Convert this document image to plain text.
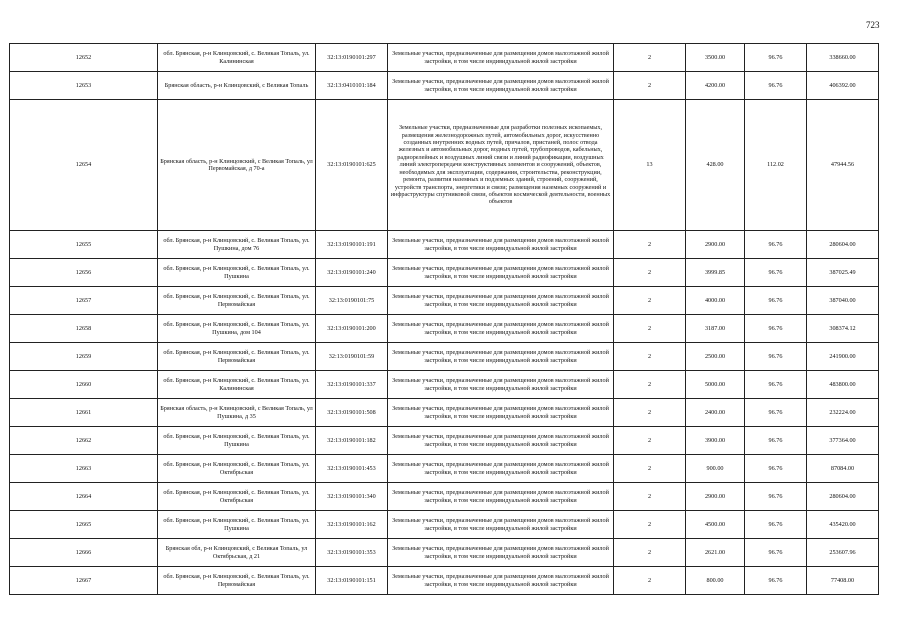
723
12652	обл. Брянская, р-н Клинцовский, с. Великая Топаль, ул. Калининская	32:13:0190101:297	Земельные участки, предназначенные для размещения домов малоэтажной жилой застройки, в том числе индивидуальной жилой застройки	2	3500.00	96.76	338660.00
12653	Брянская область, р-н Клинцовский, с Великая Топаль	32:13:0410101:184	Земельные участки, предназначенные для размещения домов малоэтажной жилой застройки, в том числе индивидуальной жилой застройки	2	4200.00	96.76	406392.00
12654	Брянская область, р-н Клинцовский, с Великая Топаль, ул Первомайская, д 70-а	32:13:0190101:625	Земельные участки, предназначенные для разработки полезных ископаемых, размещения железнодорожных путей, автомобильных дорог, искусственно созданных внутренних водных путей, причалов, пристаней, полос отвода железных и автомобильных дорог, водных путей, трубопроводов, кабельных, радиорелейных и воздушных линий связи и линий радиофикации, воздушных линий электропередачи конструктивных элементов и сооружений, объектов, необходимых для эксплуатации, содержания, строительства, реконструкции, ремонта, развития наземных и подземных зданий, строений, сооружений, устройств транспорта, энергетики и связи; размещения наземных сооружений и инфраструктуры спутниковой связи, объектов космической деятельности, военных объектов	13	428.00	112.02	47944.56
12655	обл. Брянская, р-н Клинцовский, с. Великая Топаль, ул. Пушкина, дом 76	32:13:0190101:191	Земельные участки, предназначенные для размещения домов малоэтажной жилой застройки, в том числе индивидуальной жилой застройки	2	2900.00	96.76	280604.00
12656	обл. Брянская, р-н Клинцовский, с. Великая Топаль, ул. Пушкина	32:13:0190101:240	Земельные участки, предназначенные для размещения домов малоэтажной жилой застройки, в том числе индивидуальной жилой застройки	2	3999.85	96.76	387025.49
12657	обл. Брянская, р-н Клинцовский, с. Великая Топаль, ул. Первомайская	32:13:0190101:75	Земельные участки, предназначенные для размещения домов малоэтажной жилой застройки, в том числе индивидуальной жилой застройки	2	4000.00	96.76	387040.00
12658	обл. Брянская, р-н Клинцовский, с. Великая Топаль, ул. Пушкина, дом 104	32:13:0190101:200	Земельные участки, предназначенные для размещения домов малоэтажной жилой застройки, в том числе индивидуальной жилой застройки	2	3187.00	96.76	308374.12
12659	обл. Брянская, р-н Клинцовский, с. Великая Топаль, ул. Первомайская	32:13:0190101:59	Земельные участки, предназначенные для размещения домов малоэтажной жилой застройки, в том числе индивидуальной жилой застройки	2	2500.00	96.76	241900.00
12660	обл. Брянская, р-н Клинцовский, с. Великая Топаль, ул. Калининская	32:13:0190101:337	Земельные участки, предназначенные для размещения домов малоэтажной жилой застройки, в том числе индивидуальной жилой застройки	2	5000.00	96.76	483800.00
12661	Брянская область, р-н Клинцовский, с Великая Топаль, ул Пушкина, д 35	32:13:0190101:508	Земельные участки, предназначенные для размещения домов малоэтажной жилой застройки, в том числе индивидуальной жилой застройки	2	2400.00	96.76	232224.00
12662	обл. Брянская, р-н Клинцовский, с. Великая Топаль, ул. Пушкина	32:13:0190101:182	Земельные участки, предназначенные для размещения домов малоэтажной жилой застройки, в том числе индивидуальной жилой застройки	2	3900.00	96.76	377364.00
12663	обл. Брянская, р-н Клинцовский, с. Великая Топаль, ул. Октябрьская	32:13:0190101:453	Земельные участки, предназначенные для размещения домов малоэтажной жилой застройки, в том числе индивидуальной жилой застройки	2	900.00	96.76	87084.00
12664	обл. Брянская, р-н Клинцовский, с. Великая Топаль, ул. Октябрьская	32:13:0190101:340	Земельные участки, предназначенные для размещения домов малоэтажной жилой застройки, в том числе индивидуальной жилой застройки	2	2900.00	96.76	280604.00
12665	обл. Брянская, р-н Клинцовский, с. Великая Топаль, ул. Пушкина	32:13:0190101:162	Земельные участки, предназначенные для размещения домов малоэтажной жилой застройки, в том числе индивидуальной жилой застройки	2	4500.00	96.76	435420.00
12666	Брянская обл, р-н Клинцовский, с Великая Топаль, ул Октябрьская, д 21	32:13:0190101:353	Земельные участки, предназначенные для размещения домов малоэтажной жилой застройки, в том числе индивидуальной жилой застройки	2	2621.00	96.76	253607.96
12667	обл. Брянская, р-н Клинцовский, с. Великая Топаль, ул. Первомайская	32:13:0190101:151	Земельные участки, предназначенные для размещения домов малоэтажной жилой застройки, в том числе индивидуальной жилой застройки	2	800.00	96.76	77408.00
